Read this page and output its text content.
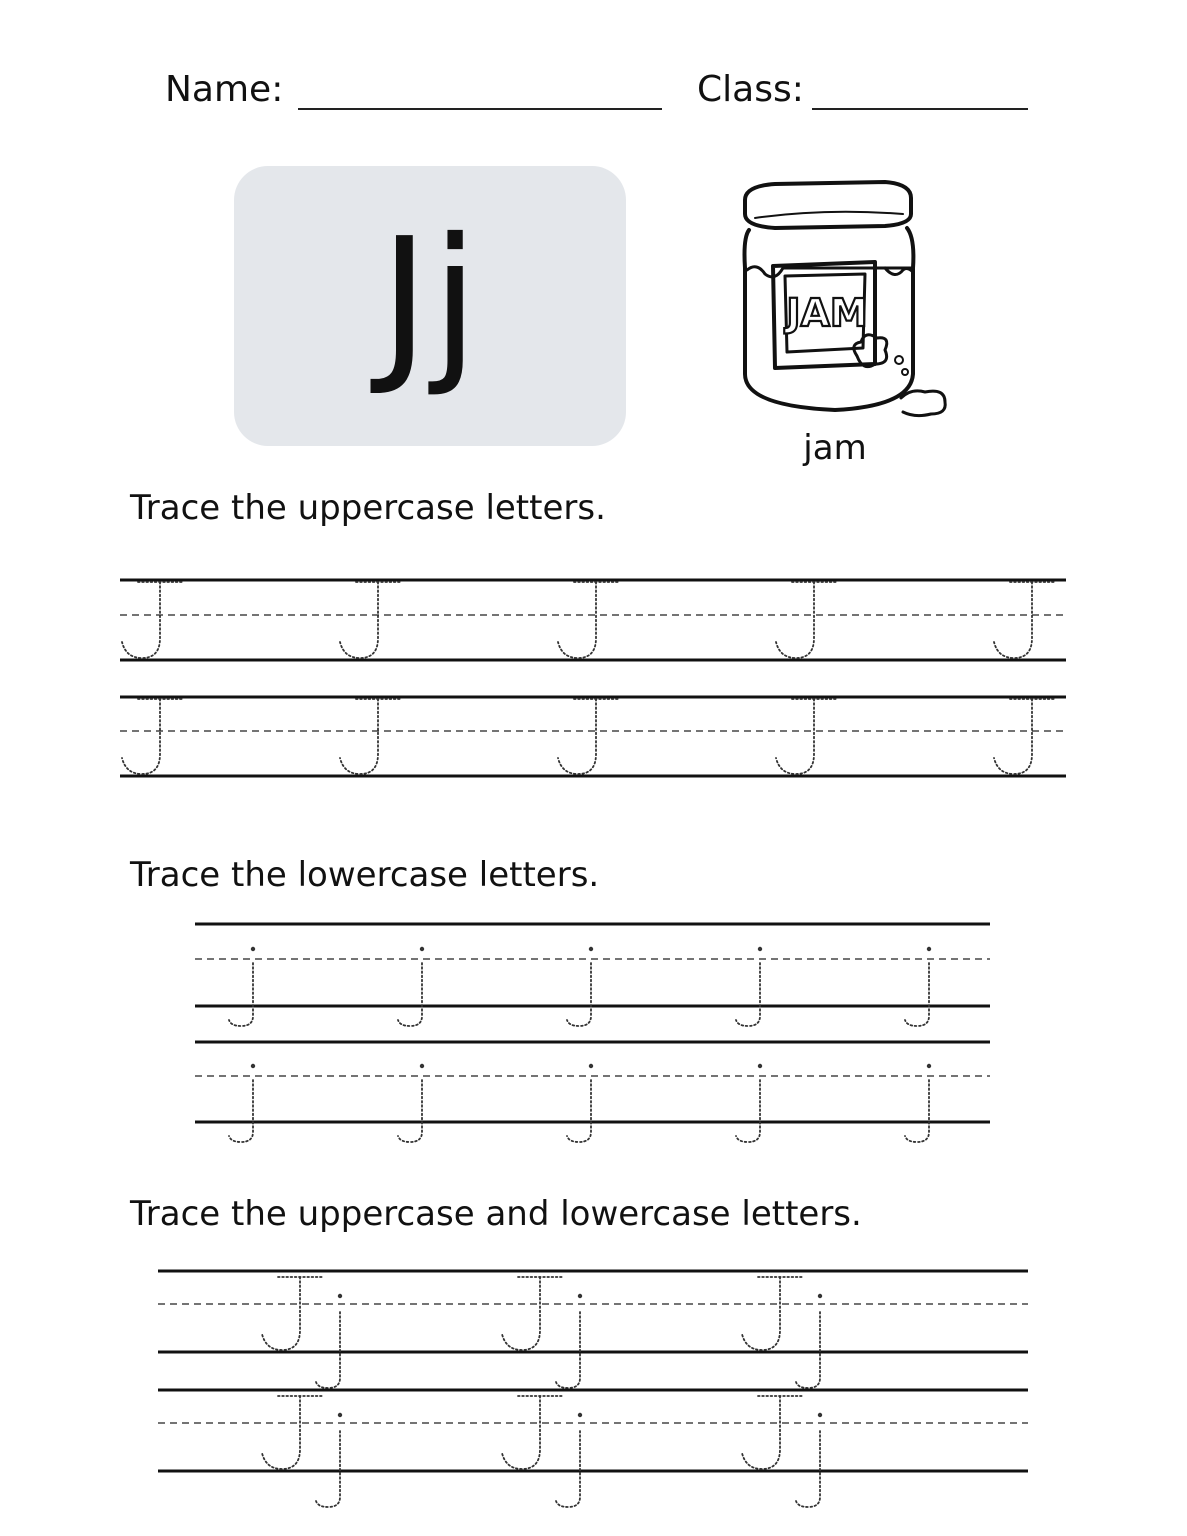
Name:	Class:
Jj	JAM
jam
Trace the uppercase letters.
Trace the lowercase letters.
Trace the uppercase and lowercase letters.
